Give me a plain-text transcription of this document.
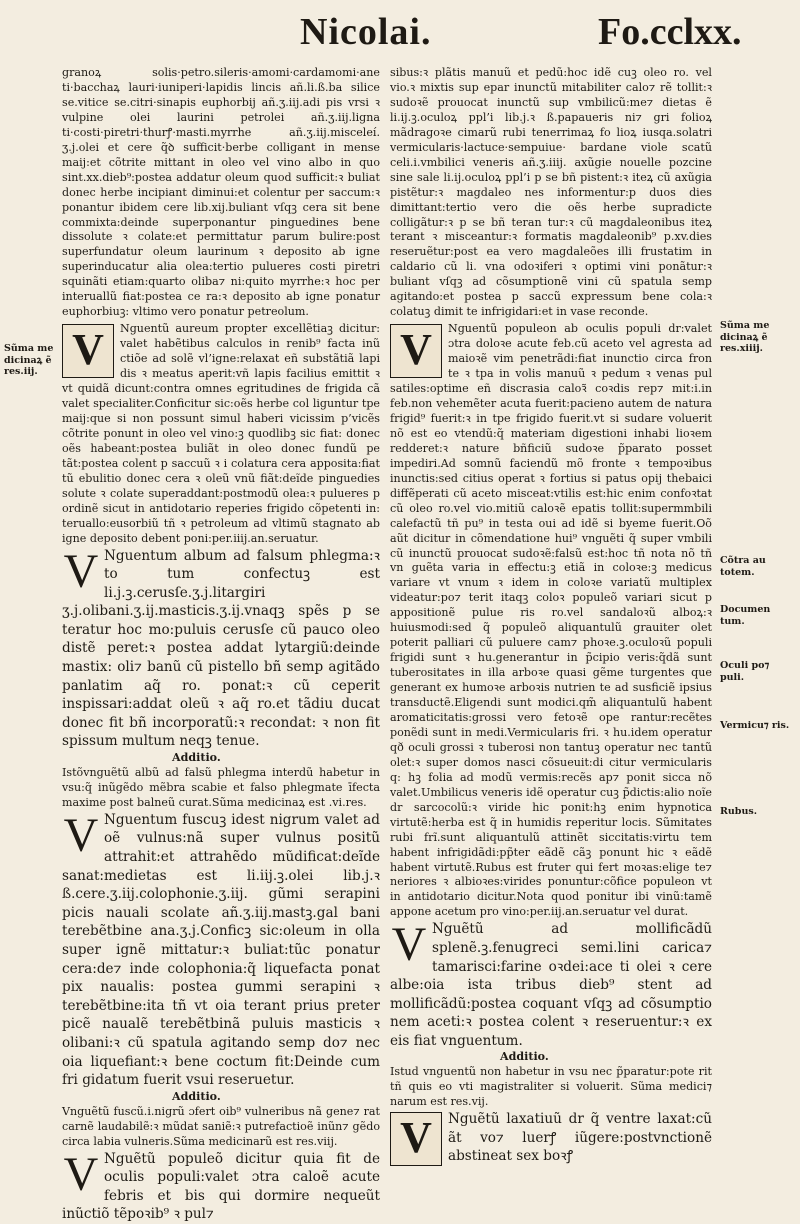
Nicolai.	Fo.cclxx.

granoꝝ solis·petro.sileris·amomi·cardamomi·ane ti·bacchaꝝ lauri·iuniperi·lapidis lincis añ.li.ß.ba silice se.vitice se.citri·sinapis euphorbij añ.ʒ.iij.adi pis vrsi ꝛ vulpine olei laurini petrolei añ.ʒ.iij.ligna ti·costi·piretri·thurꝭ·masti.myrrhe añ.ʒ.iij.misceleí. ʒ.j.olei et cere q̃ꝺ sufficit·berbe colligant in mense maij:et cõtrite mittant in oleo vel vino albo in quo sint.xx.dieb⁹:postea addatur oleum quod sufficit:ꝛ buliat donec herbe incipiant diminui:et colentur per saccum:ꝛ ponantur ibidem cere lib.xij.buliant vſqꝫ cera sit bene commixta:deinde superponantur pinguedines bene dissolute ꝛ colate:et permittatur parum bulire:post superfundatur oleum laurinum ꝛ deposito ab igne superinducatur alia olea:tertio pulueres costi piretri squinãti etiam:quarto oliba⁊ ni:quito myrrhe:ꝛ hoc per interuallũ fiat:postea ce ra:ꝛ deposito ab igne ponatur euphorbiuꝫ: vltimo vero ponatur petreolum.

V	Nguentũ aureum propter excellẽtiaꝫ dicitur: valet habẽtibus calculos in renib⁹ facta inũ ctiõe ad solẽ vl’igne:relaxat eñ substãtiã lapi dis ꝛ meatus aperit:vñ lapis facilius emittit ꝛ vt quidã dicunt:contra omnes egritudines de frigida cã valet specialiter.Conficitur sic:oẽs herbe col liguntur tpe maij:que si non possunt simul haberi vicissim p’vicẽs cõtrite ponunt in oleo vel vino:ꝫ quodlibꝫ sic fiat: donec oẽs habeant:postea buliãt in oleo donec fundũ pe tãt:postea colent p saccuũ ꝛ i colatura cera apposita:fiat tũ ebulitio donec cera ꝛ oleũ vnũ fiãt:deĩde pinguedies solute ꝛ colate superaddant:postmodũ olea:ꝛ pulueres p ordinẽ sicut in antidotario reperies frigido cõpetenti in: teruallo:eusorbiũ tñ ꝛ petroleum ad vltimũ stagnato ab igne deposito debent poni:per.iiij.an.seruatur.

V Nguentum album ad falsum phlegma:ꝛ to tum confectuꝫ est li.j.ꝫ.cerusſe.ʒ.j.litargiri ʒ.j.olibani.ʒ.ij.masticis.ʒ.ij.vnaqꝫ spẽs p se teratur hoc mo:puluis cerusſe cũ pauco oleo distẽ peret:ꝛ postea addat lytargiũ:deinde mastix: oli⁊ banũ cũ pistello bñ semp agitãdo panlatim aq̃ ro. ponat:ꝛ cũ ceperit inspissari:addat oleũ ꝛ aq̃ ro.et tãdiu ducat donec fit bñ incorporatũ:ꝛ recondat: ꝛ non fit spissum multum neqꝫ tenue.

Additio.

Istõvnguẽtũ albũ ad falsũ phlegma interdũ habetur in vsu:q̃ inũgẽdo mẽbra scabie et falso phlegmate īfecta maxime post balneũ curat.Sũma medicinaꝝ est .vi.res.

V Nguentum fuscuꝫ idest nigrum valet ad oẽ vulnus:nã super vulnus positũ attrahit:et attrahẽdo mũdificat:deĩde sanat:medietas est li.iij.ꝫ.olei lib.j.ꝛ ß.cere.ʒ.iij.colophonie.ʒ.iij. gũmi serapini picis nauali scolate añ.ʒ.iij.mastꝫ.gal bani terebẽtbine ana.ʒ.j.Conficꝫ sic:oleum in olla super ignẽ mittatur:ꝛ buliat:tũc ponatur cera:de⁊ inde colophonia:q̃ liquefacta ponat pix naualis: postea gummi serapini ꝛ terebẽtbine:ita tñ vt oia terant prius preter picẽ naualẽ terebẽtbinã puluis masticis ꝛ olibani:ꝛ cũ spatula agitando semp do⁊ nec oia liquefiant:ꝛ bene coctum fit:Deinde cum fri gidatum fuerit vsui reseruetur.

Additio.

Vnguẽtũ fuscũ.i.nigrũ ɔfert oib⁹ vulneribus nã gene⁊ rat carnẽ laudabilẽ:ꝛ mũdat saniẽ:ꝛ putrefactioẽ inũn⁊ gẽdo circa labia vulneris.Sũma medicinarũ est res.viij.

V Nguẽtũ populeõ dicitur quia fit de oculis populi:valet ɔtra caloẽ acute febris et bis qui dormire nequeũt inũctiõ tẽpoꝛib⁹ ꝛ pul⁊

sibus:ꝛ plãtis manuũ et pedũ:hoc idẽ cuꝫ oleo ro. vel vio.ꝛ mixtis sup epar inunctũ mitabiliter calo⁊ rẽ tollit:ꝛ sudoꝛẽ prouocat inunctũ sup vmbilicũ:me⁊ dietas ẽ li.ij.ꝫ.oculoꝝ ppl’i lib.j.ꝛ ß.papaueris ni⁊ gri folioꝝ mãdragoꝛe cimarũ rubi tenerrimaꝝ fo lioꝝ iusqa.solatri vermicularis·lactuce·sempuiue· bardane viole scatũ celi.i.vmbilici veneris añ.ʒ.iiij. axũgie nouelle pozcine sine sale li.ij.oculoꝝ ppl’i p se bñ pistent:ꝛ iteꝝ cũ axũgia pistẽtur:ꝛ magdaleo nes informentur:p duos dies dimittant:tertio vero die oẽs herbe supradicte colligãtur:ꝛ p se bñ teran tur:ꝛ cũ magdaleonibus iteꝝ terant ꝛ misceantur:ꝛ formatis magdaleonib⁹ p.xv.dies reseruẽtur:post ea vero magdaleões illi frustatim in caldario cũ li. vna odoꝛiferi ꝛ optimi vini ponãtur:ꝛ buliant vſqꝫ ad cõsumptionẽ vini cũ spatula semp agitando:et postea p saccũ expressum bene cola:ꝛ colatuꝫ dimit te infrigidari:et in vase reconde.

V	Nguentũ populeon ab oculis populi dr:valet ɔtra doloꝛe acute feb.cũ aceto vel agresta ad maioꝛẽ vim penetrãdi:fiat inunctio circa fron te ꝛ tpa in volis manuũ ꝛ pedum ꝛ venas pul satiles:optime eñ discrasia caloꝛ̃ coꝛdis rep⁊ mit:i.in feb.non vehemẽter acuta fuerit:pacieno autem de natura frigid⁹ fuerit:ꝛ in tpe frigido fuerit.vt si sudare voluerit nõ est eo vtendũ:q̃ materiam digestioni inhabi lioꝛem redderet:ꝛ nature bñficiũ sudoꝛe p̃parato posset impediri.Ad somnũ faciendũ mõ fronte ꝛ tempoꝛibus inunctis:sed citius operat ꝛ fortius si patus opij thebaici diffẽperati cũ aceto misceat:vtilis est:hic enim confoꝛtat cũ oleo ro.vel vio.mitiũ caloꝛẽ epatis tollit:supermmbili calefactũ tñ pu⁹ in testa oui ad idẽ si byeme fuerit.Oõ aũt dicitur in cõmendatione hui⁹ vnguẽti q̃ super vmbili cũ inunctũ prouocat sudoꝛẽ:falsũ est:hoc tñ nota nõ tñ vn guẽta varia in effectu:ꝫ etiã in coloꝛe:ꝫ medicus variare vt vnum ꝛ idem in coloꝛe variatũ multiplex videatur:po⁊ terit itaqꝫ coloꝛ populeõ variari sicut p appositionẽ pulue ris ro.vel sandaloꝛũ alboꝝ:ꝛ huiusmodi:sed q̃ populeõ aliquantulũ grauiter olet poterit palliari cũ puluere cam⁊ phoꝛe.ꝫ.oculoꝛũ populi frigidi sunt ꝛ hu.generantur in p̃cipio veris:q̃dã sunt tuberositates in illa arboꝛe quasi gẽme turgentes que generant ex humoꝛe arboꝛis nutrien te ad susficiẽ ipsius transductẽ.Eligendi sunt modici.qm̃ aliquantulũ habent aromaticitatis:grossi vero fetoꝛẽ ope rantur:recẽtes ponẽdi sunt in medi.Vermicularis fri. ꝛ hu.idem operatur qð oculi grossi ꝛ tuberosi non tantuꝫ operatur nec tantũ olet:ꝛ super domos nasci cõsueuit:di citur vermicularis q: hꝫ folia ad modũ vermis:recẽs ap⁊ ponit sicca nõ valet.Umbilicus veneris idẽ operatur cuꝫ p̃dictis:alio noĩe dr sarcocolũ:ꝛ viride hic ponit:hꝫ enim hypnotica virtutẽ:herba est q̃ in humidis reperitur locis. Sũmitates rubi frĩ.sunt aliquantulũ attinẽt siccitatis:virtu tem habent infrigidãdi:pp̃ter eãdẽ cãꝫ ponunt hic ꝛ eãdẽ habent virtutẽ.Rubus est fruter qui fert moꝛas:elige te⁊ neriores ꝛ albioꝛes:virides ponuntur:cõfice populeon vt in antidotario dicitur.Nota quod ponitur ibi vinũ:tamẽ appone acetum pro vino:per.iij.an.seruatur vel durat.

V Nguẽtũ ad mollificãdũ splenẽ.ꝫ.fenugreci semi.lini carica⁊ tamarisci:farine oꝛdei:ace ti olei ꝛ cere albe:oia ista tribus dieb⁹ stent ad mollificãdũ:postea coquant vſqꝫ ad cõsumptio nem aceti:ꝛ postea colent ꝛ reseruentur:ꝛ ex eis fiat vnguentum.

Additio.

Istud vnguentũ non habetur in vsu nec p̃paratur:pote rit tñ quis eo vti magistraliter si voluerit. Sũma medici⁊ narum est res.vij.

V	Nguẽtũ laxatiuũ dr q̃ ventre laxat:cũ ãt vo⁊ luerꝭ iũgere:postvnctionẽ abstineat sex boꝛꝭ

Sũma me dicinaꝝ ẽ res.iij.
Sũma me dicinaꝝ ẽ res.xiiij.
Cõtra au totem.
Documen tum.
Oculi po⁊ puli.
Vermicu⁊ ris.
Rubus.
